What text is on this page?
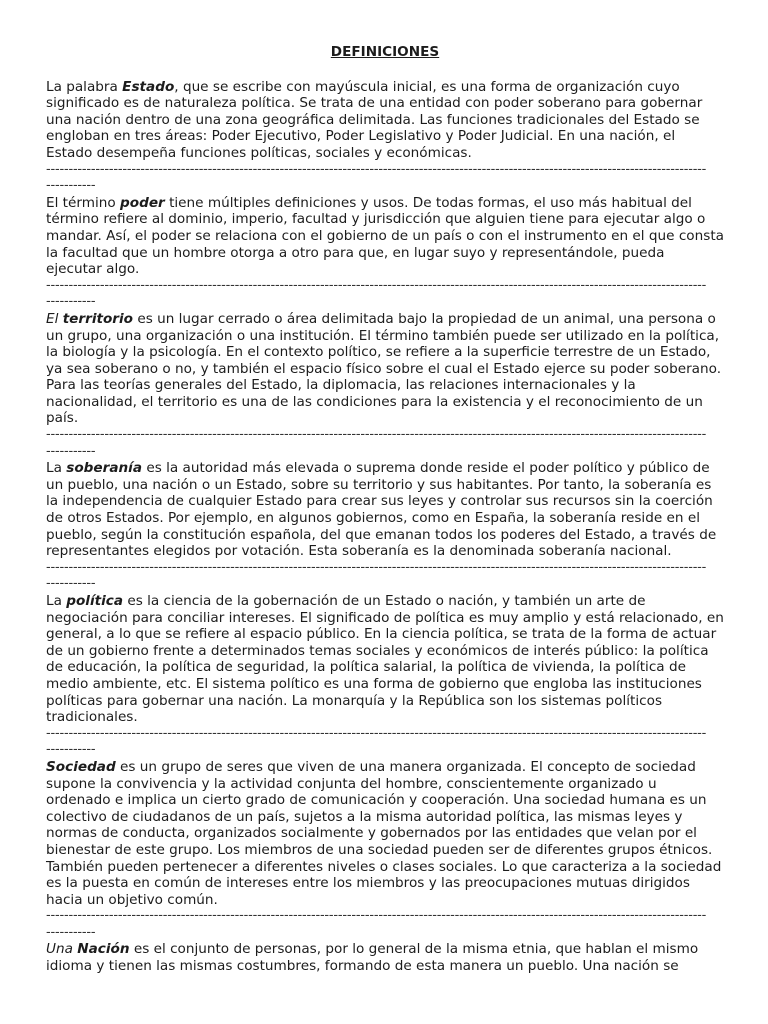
DEFINICIONES

La palabra Estado, que se escribe con mayúscula inicial, es una forma de organización cuyo significado es de naturaleza política. Se trata de una entidad con poder soberano para gobernar una nación dentro de una zona geográfica delimitada. Las funciones tradicionales del Estado se engloban en tres áreas: Poder Ejecutivo, Poder Legislativo y Poder Judicial. En una nación, el Estado desempeña funciones políticas, sociales y económicas.

---------------------------------------------------------------------------------------------------------------------------------------------------
-----------

El término poder tiene múltiples definiciones y usos. De todas formas, el uso más habitual del término refiere al dominio, imperio, facultad y jurisdicción que alguien tiene para ejecutar algo o mandar. Así, el poder se relaciona con el gobierno de un país o con el instrumento en el que consta la facultad que un hombre otorga a otro para que, en lugar suyo y representándole, pueda ejecutar algo.

---------------------------------------------------------------------------------------------------------------------------------------------------
-----------

El territorio es un lugar cerrado o área delimitada bajo la propiedad de un animal, una persona o un grupo, una organización o una institución. El término también puede ser utilizado en la política, la biología y la psicología. En el contexto político, se refiere a la superficie terrestre de un Estado, ya sea soberano o no, y también el espacio físico sobre el cual el Estado ejerce su poder soberano. Para las teorías generales del Estado, la diplomacia, las relaciones internacionales y la nacionalidad, el territorio es una de las condiciones para la existencia y el reconocimiento de un país.

---------------------------------------------------------------------------------------------------------------------------------------------------
-----------

La soberanía es la autoridad más elevada o suprema donde reside el poder político y público de un pueblo, una nación o un Estado, sobre su territorio y sus habitantes. Por tanto, la soberanía es la independencia de cualquier Estado para crear sus leyes y controlar sus recursos sin la coerción de otros Estados. Por ejemplo, en algunos gobiernos, como en España, la soberanía reside en el pueblo, según la constitución española, del que emanan todos los poderes del Estado, a través de representantes elegidos por votación. Esta soberanía es la denominada soberanía nacional.

---------------------------------------------------------------------------------------------------------------------------------------------------
-----------

La política es la ciencia de la gobernación de un Estado o nación, y también un arte de negociación para conciliar intereses. El significado de política es muy amplio y está relacionado, en general, a lo que se refiere al espacio público. En la ciencia política, se trata de la forma de actuar de un gobierno frente a determinados temas sociales y económicos de interés público: la política de educación, la política de seguridad, la política salarial, la política de vivienda, la política de medio ambiente, etc. El sistema político es una forma de gobierno que engloba las instituciones políticas para gobernar una nación. La monarquía y la República son los sistemas políticos tradicionales.

---------------------------------------------------------------------------------------------------------------------------------------------------
-----------

Sociedad es un grupo de seres que viven de una manera organizada. El concepto de sociedad supone la convivencia y la actividad conjunta del hombre, conscientemente organizado u ordenado e implica un cierto grado de comunicación y cooperación. Una sociedad humana es un colectivo de ciudadanos de un país, sujetos a la misma autoridad política, las mismas leyes y normas de conducta, organizados socialmente y gobernados por las entidades que velan por el bienestar de este grupo. Los miembros de una sociedad pueden ser de diferentes grupos étnicos. También pueden pertenecer a diferentes niveles o clases sociales. Lo que caracteriza a la sociedad es la puesta en común de intereses entre los miembros y las preocupaciones mutuas dirigidos hacia un objetivo común.

---------------------------------------------------------------------------------------------------------------------------------------------------
-----------

Una Nación es el conjunto de personas, por lo general de la misma etnia, que hablan el mismo idioma y tienen las mismas costumbres, formando de esta manera un pueblo. Una nación se
